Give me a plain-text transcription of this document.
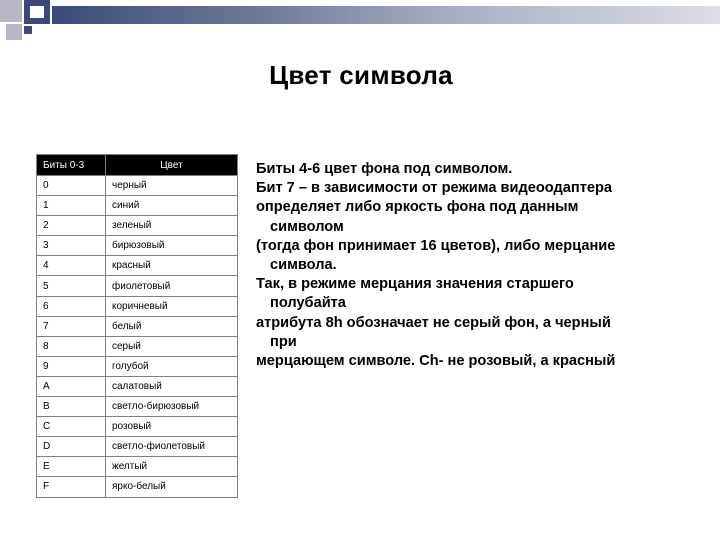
Цвет символа
Биты 0-3	Цвет
0	черный
1	синий
2	зеленый
3	бирюзовый
4	красный
5	фиолетовый
6	коричневый
7	белый
8	серый
9	голубой
A	салатовый
B	светло-бирюзовый
C	розовый
D	светло-фиолетовый
E	желтый
F	ярко-белый
Биты 4-6 цвет фона под символом.
Бит 7 – в зависимости от режима видеоодаптера
определяет либо яркость фона под данным
символом
(тогда фон принимает 16 цветов), либо мерцание
символа.
Так, в режиме мерцания значения старшего
полубайта
атрибута 8h обозначает не серый фон, а черный
при
мерцающем символе. Ch- не розовый, а красный
